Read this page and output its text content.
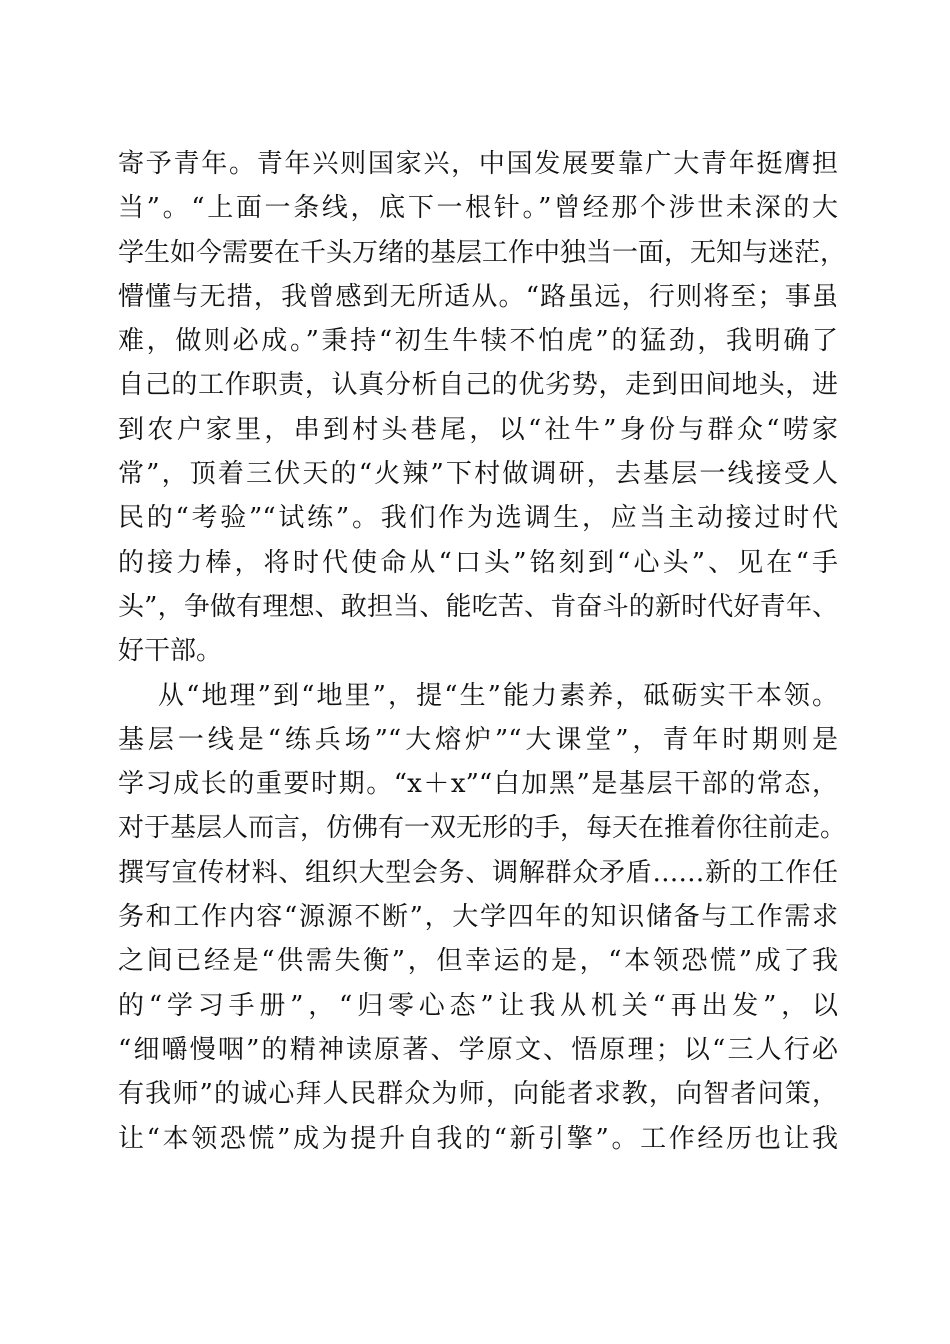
寄予青年。青年兴则国家兴，中国发展要靠广大青年挺膺担
当”。“上面一条线，底下一根针。”曾经那个涉世未深的大
学生如今需要在千头万绪的基层工作中独当一面，无知与迷茫，
懵懂与无措，我曾感到无所适从。“路虽远，行则将至；事虽
难，做则必成。”秉持“初生牛犊不怕虎”的猛劲，我明确了
自己的工作职责，认真分析自己的优劣势，走到田间地头，进
到农户家里，串到村头巷尾，以“社牛”身份与群众“唠家
常”，顶着三伏天的“火辣”下村做调研，去基层一线接受人
民的“考验”“试练”。我们作为选调生，应当主动接过时代
的接力棒，将时代使命从“口头”铭刻到“心头”、见在“手
头”，争做有理想、敢担当、能吃苦、肯奋斗的新时代好青年、
好干部。
从“地理”到“地里”，提“生”能力素养，砥砺实干本领。
基层一线是“练兵场”“大熔炉”“大课堂”，青年时期则是
学习成长的重要时期。“x＋x”“白加黑”是基层干部的常态，
对于基层人而言，仿佛有一双无形的手，每天在推着你往前走。
撰写宣传材料、组织大型会务、调解群众矛盾……新的工作任
务和工作内容“源源不断”，大学四年的知识储备与工作需求
之间已经是“供需失衡”，但幸运的是，“本领恐慌”成了我
的“学习手册”，“归零心态”让我从机关“再出发”，以
“细嚼慢咽”的精神读原著、学原文、悟原理；以“三人行必
有我师”的诚心拜人民群众为师，向能者求教，向智者问策，
让“本领恐慌”成为提升自我的“新引擎”。工作经历也让我
